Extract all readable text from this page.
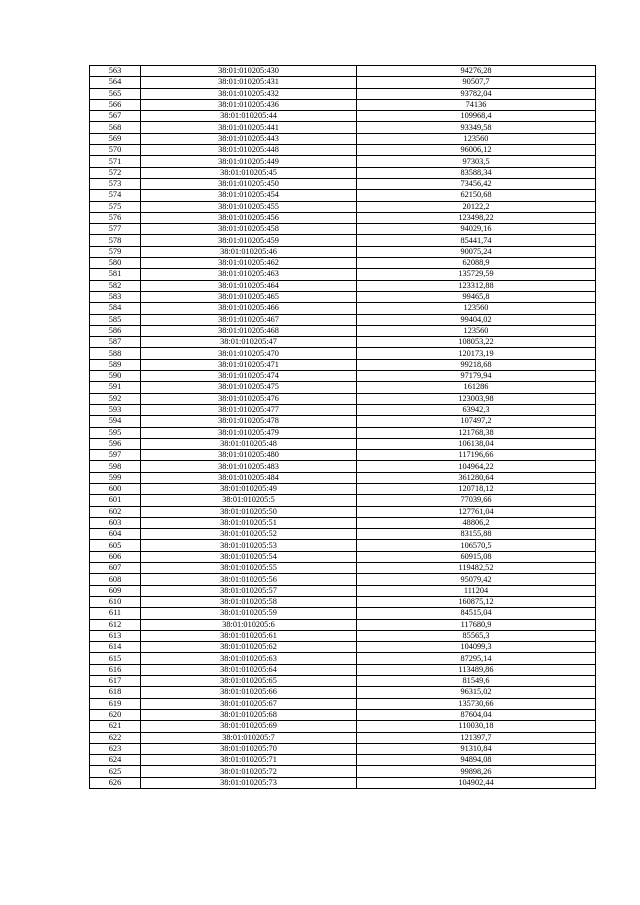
563	38:01:010205:430	94276,28
564	38:01:010205:431	90507,7
565	38:01:010205:432	93782,04
566	38:01:010205:436	74136
567	38:01:010205:44	109968,4
568	38:01:010205:441	93349,58
569	38:01:010205:443	123560
570	38:01:010205:448	96006,12
571	38:01:010205:449	97303,5
572	38:01:010205:45	83588,34
573	38:01:010205:450	73456,42
574	38:01:010205:454	62150,68
575	38:01:010205:455	20122,2
576	38:01:010205:456	123498,22
577	38:01:010205:458	94029,16
578	38:01:010205:459	85441,74
579	38:01:010205:46	90075,24
580	38:01:010205:462	62088,9
581	38:01:010205:463	135729,59
582	38:01:010205:464	123312,88
583	38:01:010205:465	99465,8
584	38:01:010205:466	123560
585	38:01:010205:467	99404,02
586	38:01:010205:468	123560
587	38:01:010205:47	108053,22
588	38:01:010205:470	120173,19
589	38:01:010205:471	99218,68
590	38:01:010205:474	97179,94
591	38:01:010205:475	161286
592	38:01:010205:476	123003,98
593	38:01:010205:477	63942,3
594	38:01:010205:478	107497,2
595	38:01:010205:479	121768,38
596	38:01:010205:48	106138,04
597	38:01:010205:480	117196,66
598	38:01:010205:483	104964,22
599	38:01:010205:484	361280,64
600	38:01:010205:49	120718,12
601	38:01:010205:5	77039,66
602	38:01:010205:50	127761,04
603	38:01:010205:51	48806,2
604	38:01:010205:52	83155,88
605	38:01:010205:53	106570,5
606	38:01:010205:54	60915,08
607	38:01:010205:55	119482,52
608	38:01:010205:56	95079,42
609	38:01:010205:57	111204
610	38:01:010205:58	160875,12
611	38:01:010205:59	84515,04
612	38:01:010205:6	117680,9
613	38:01:010205:61	85565,3
614	38:01:010205:62	104099,3
615	38:01:010205:63	87295,14
616	38:01:010205:64	113489,86
617	38:01:010205:65	81549,6
618	38:01:010205:66	96315,02
619	38:01:010205:67	135730,66
620	38:01:010205:68	87604,04
621	38:01:010205:69	110030,18
622	38:01:010205:7	121397,7
623	38:01:010205:70	91310,84
624	38:01:010205:71	94894,08
625	38:01:010205:72	99898,26
626	38:01:010205:73	104902,44
